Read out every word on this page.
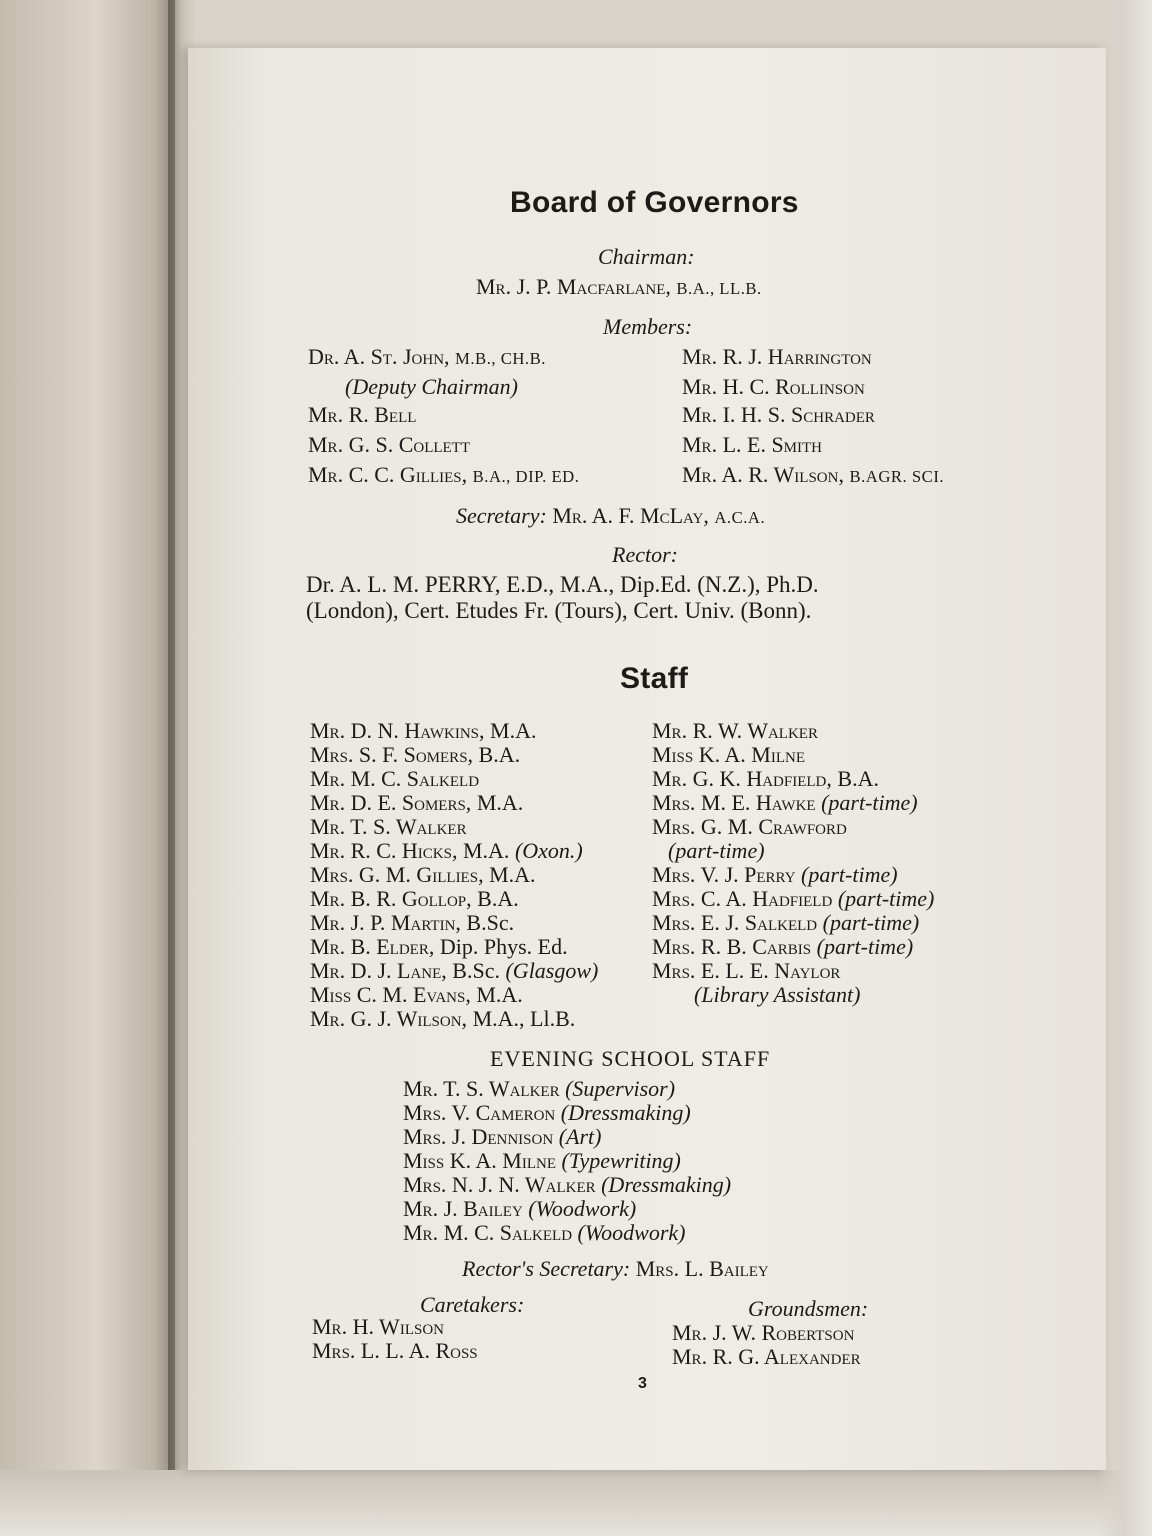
Board of Governors
Chairman:
Mr. J. P. Macfarlane, B.A., LL.B.
Members:
Dr. A. St. John, M.B., CH.B.
(Deputy Chairman)
Mr. R. Bell
Mr. G. S. Collett
Mr. C. C. Gillies, B.A., DIP. ED.
Mr. R. J. Harrington
Mr. H. C. Rollinson
Mr. I. H. S. Schrader
Mr. L. E. Smith
Mr. A. R. Wilson, B.AGR. SCI.
Secretary: Mr. A. F. McLay, A.C.A.
Rector:
Dr. A. L. M. PERRY, E.D., M.A., Dip.Ed. (N.Z.), Ph.D.
(London), Cert. Etudes Fr. (Tours), Cert. Univ. (Bonn).
Staff
Mr. D. N. Hawkins, M.A.
Mrs. S. F. Somers, B.A.
Mr. M. C. Salkeld
Mr. D. E. Somers, M.A.
Mr. T. S. Walker
Mr. R. C. Hicks, M.A. (Oxon.)
Mrs. G. M. Gillies, M.A.
Mr. B. R. Gollop, B.A.
Mr. J. P. Martin, B.Sc.
Mr. B. Elder, Dip. Phys. Ed.
Mr. D. J. Lane, B.Sc. (Glasgow)
Miss C. M. Evans, M.A.
Mr. G. J. Wilson, M.A., Ll.B.
Mr. R. W. Walker
Miss K. A. Milne
Mr. G. K. Hadfield, B.A.
Mrs. M. E. Hawke (part-time)
Mrs. G. M. Crawford
(part-time)
Mrs. V. J. Perry (part-time)
Mrs. C. A. Hadfield (part-time)
Mrs. E. J. Salkeld (part-time)
Mrs. R. B. Carbis (part-time)
Mrs. E. L. E. Naylor
(Library Assistant)
EVENING SCHOOL STAFF
Mr. T. S. Walker (Supervisor)
Mrs. V. Cameron (Dressmaking)
Mrs. J. Dennison (Art)
Miss K. A. Milne (Typewriting)
Mrs. N. J. N. Walker (Dressmaking)
Mr. J. Bailey (Woodwork)
Mr. M. C. Salkeld (Woodwork)
Rector's Secretary: Mrs. L. Bailey
Caretakers:
Mr. H. Wilson
Mrs. L. L. A. Ross
Groundsmen:
Mr. J. W. Robertson
Mr. R. G. Alexander
3
